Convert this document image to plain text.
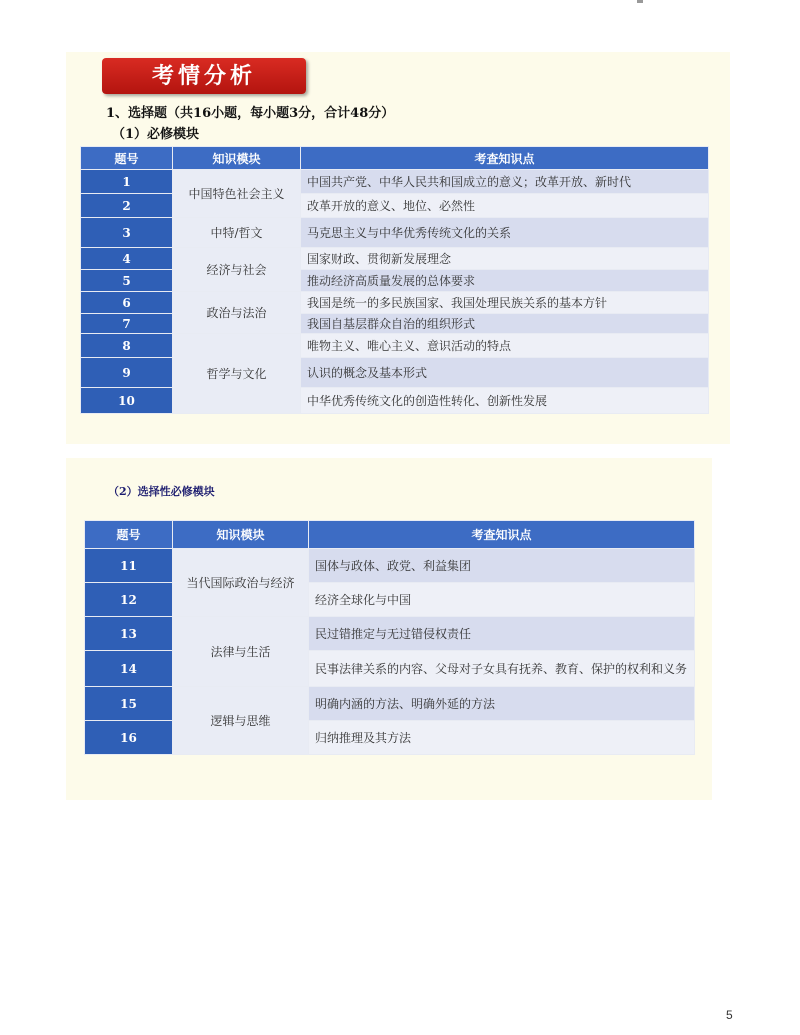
考情分析
1、选择题（共16小题，每小题3分，合计48分）
（1）必修模块
题号	知识模块	考查知识点
1	中国特色社会主义	中国共产党、中华人民共和国成立的意义；改革开放、新时代
2		改革开放的意义、地位、必然性
3	中特/哲文	马克思主义与中华优秀传统文化的关系
4	经济与社会	国家财政、贯彻新发展理念
5		推动经济高质量发展的总体要求
6	政治与法治	我国是统一的多民族国家、我国处理民族关系的基本方针
7		我国自基层群众自治的组织形式
8	哲学与文化	唯物主义、唯心主义、意识活动的特点
9		认识的概念及基本形式
10		中华优秀传统文化的创造性转化、创新性发展
（2）选择性必修模块
题号	知识模块	考查知识点
11	当代国际政治与经济	国体与政体、政党、利益集团
12		经济全球化与中国
13	法律与生活	民过错推定与无过错侵权责任
14		民事法律关系的内容、父母对子女具有抚养、教育、保护的权利和义务
15	逻辑与思维	明确内涵的方法、明确外延的方法
16		归纳推理及其方法
5
